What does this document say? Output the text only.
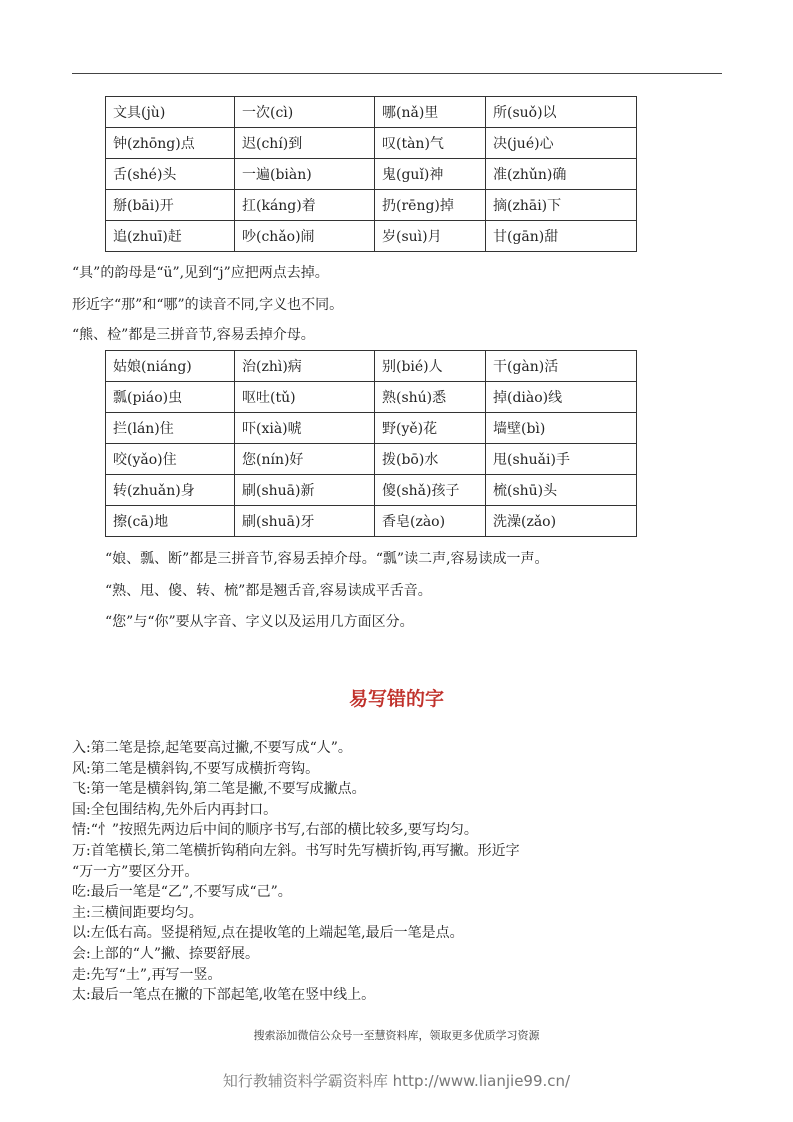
文具(jù)	一次(cì)	哪(nǎ)里	所(suǒ)以
钟(zhōng)点	迟(chí)到	叹(tàn)气	决(jué)心
舌(shé)头	一遍(biàn)	鬼(guǐ)神	准(zhǔn)确
掰(bāi)开	扛(káng)着	扔(rēng)掉	摘(zhāi)下
追(zhuī)赶	吵(chǎo)闹	岁(suì)月	甘(gān)甜
“具”的韵母是“ü”,见到“j”应把两点去掉。
形近字“那”和“哪”的读音不同,字义也不同。
“熊、检”都是三拼音节,容易丢掉介母。
姑娘(niáng)	治(zhì)病	别(bié)人	干(gàn)活
瓢(piáo)虫	呕吐(tǔ)	熟(shú)悉	掉(diào)线
拦(lán)住	吓(xià)唬	野(yě)花	墙壁(bì)
咬(yǎo)住	您(nín)好	拨(bō)水	甩(shuǎi)手
转(zhuǎn)身	刷(shuā)新	傻(shǎ)孩子	梳(shū)头
擦(cā)地	刷(shuā)牙	香皂(zào)	洗澡(zǎo)
“娘、瓢、断”都是三拼音节,容易丢掉介母。“瓢”读二声,容易读成一声。
“熟、甩、傻、转、梳”都是翘舌音,容易读成平舌音。
“您”与“你”要从字音、字义以及运用几方面区分。
易写错的字
入:第二笔是捺,起笔要高过撇,不要写成“人”。
风:第二笔是横斜钩,不要写成横折弯钩。
飞:第一笔是横斜钩,第二笔是撇,不要写成撇点。
国:全包围结构,先外后内再封口。
情:“忄”按照先两边后中间的顺序书写,右部的横比较多,要写均匀。
万:首笔横长,第二笔横折钩稍向左斜。书写时先写横折钩,再写撇。形近字
“万一方”要区分开。
吃:最后一笔是“乙”,不要写成“己”。
主:三横间距要均匀。
以:左低右高。竖提稍短,点在提收笔的上端起笔,最后一笔是点。
会:上部的“人”撇、捺要舒展。
走:先写“土”,再写一竖。
太:最后一笔点在撇的下部起笔,收笔在竖中线上。
搜索添加微信公众号一至慧资料库，领取更多优质学习资源
知行教辅资料学霸资料库 http://www.lianjie99.cn/
